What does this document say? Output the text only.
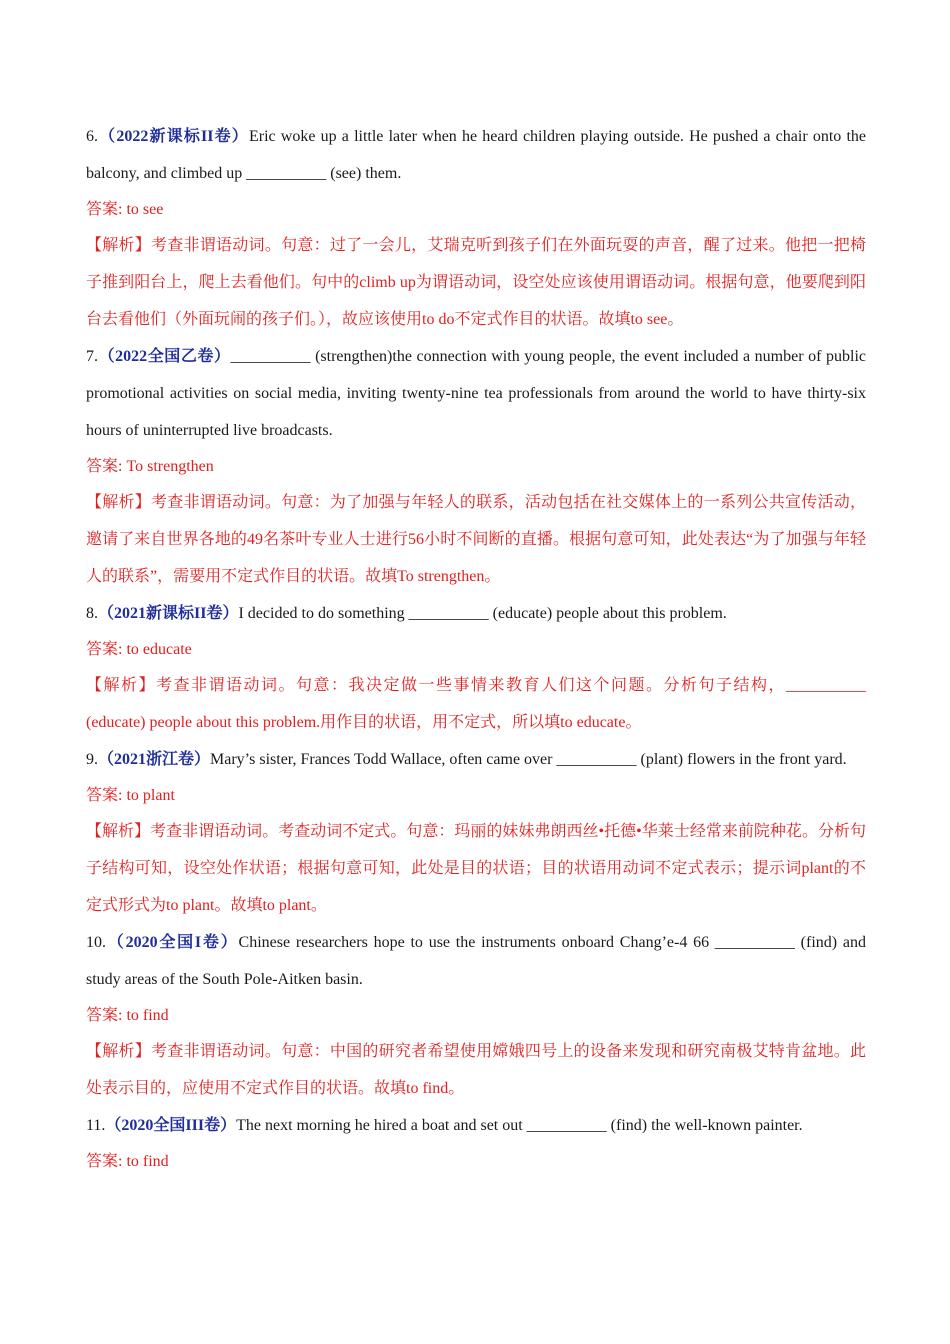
6.（2022新课标II卷）Eric woke up a little later when he heard children playing outside. He pushed a chair onto the balcony, and climbed up __________ (see) them.
答案: to see
【解析】考查非谓语动词。句意：过了一会儿，艾瑞克听到孩子们在外面玩耍的声音，醒了过来。他把一把椅子推到阳台上，爬上去看他们。句中的climb up为谓语动词，设空处应该使用谓语动词。根据句意，他要爬到阳台去看他们（外面玩闹的孩子们。），故应该使用to do不定式作目的状语。故填to see。
7.（2022全国乙卷）__________ (strengthen)the connection with young people, the event included a number of public promotional activities on social media, inviting twenty-nine tea professionals from around the world to have thirty-six hours of uninterrupted live broadcasts.
答案: To strengthen
【解析】考查非谓语动词。句意：为了加强与年轻人的联系，活动包括在社交媒体上的一系列公共宣传活动，邀请了来自世界各地的49名茶叶专业人士进行56小时不间断的直播。根据句意可知，此处表达“为了加强与年轻人的联系”，需要用不定式作目的状语。故填To strengthen。
8.（2021新课标II卷）I decided to do something __________ (educate) people about this problem.
答案: to educate
【解析】考查非谓语动词。句意：我决定做一些事情来教育人们这个问题。分析句子结构，__________ (educate) people about this problem.用作目的状语，用不定式，所以填to educate。
9.（2021浙江卷）Mary’s sister, Frances Todd Wallace, often came over __________ (plant) flowers in the front yard.
答案: to plant
【解析】考查非谓语动词。考查动词不定式。句意：玛丽的妹妹弗朗西丝•托德•华莱士经常来前院种花。分析句子结构可知，设空处作状语；根据句意可知，此处是目的状语；目的状语用动词不定式表示；提示词plant的不定式形式为to plant。故填to plant。
10.（2020全国I卷）Chinese researchers hope to use the instruments onboard Chang’e-4 66 __________ (find) and study areas of the South Pole-Aitken basin.
答案: to find
【解析】考查非谓语动词。句意：中国的研究者希望使用嫦娥四号上的设备来发现和研究南极艾特肯盆地。此处表示目的，应使用不定式作目的状语。故填to find。
11.（2020全国III卷）The next morning he hired a boat and set out __________ (find) the well-known painter.
答案: to find
